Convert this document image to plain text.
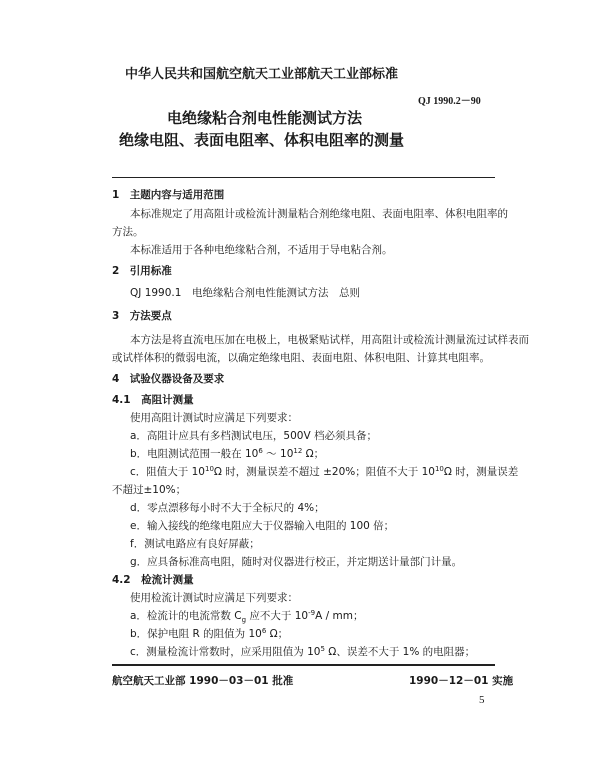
中华人民共和国航空航天工业部航天工业部标准
QJ 1990.2－90
电绝缘粘合剂电性能测试方法
绝缘电阻、表面电阻率、体积电阻率的测量
1　主题内容与适用范围
本标准规定了用高阻计或检流计测量粘合剂绝缘电阻、表面电阻率、体积电阻率的
方法。
本标准适用于各种电绝缘粘合剂，不适用于导电粘合剂。
2　引用标准
QJ 1990.1　电绝缘粘合剂电性能测试方法　总则
3　方法要点
本方法是将直流电压加在电极上，电极紧贴试样，用高阻计或检流计测量流过试样表而
或试样体积的微弱电流，以确定绝缘电阻、表面电阻、体积电阻、计算其电阻率。
4　试验仪器设备及要求
4.1　高阻计测量
使用高阻计测试时应满足下列要求：
a．高阻计应具有多档测试电压，500V 档必须具备；
b．电阻测试范围一般在 $10^6$ ～ $10^{12}$ Ω；
c．阻值大于 $10^{10}\Omega$ 时，测量误差不超过 ±20%；阻值不大于 $10^{10}\Omega$ 时，测量误差
不超过±10%；
d．零点漂移每小时不大于全标尺的 4%；
e．输入接线的绝缘电阻应大于仪器输入电阻的 100 倍；
f．测试电路应有良好屏蔽；
g．应具备标准高电阻，随时对仪器进行校正，并定期送计量部门计量。
4.2　检流计测量
使用检流计测试时应满足下列要求：
a．检流计的电流常数 $C_g$ 应不大于 $10^{-9}A$ / mm；
b．保护电阻 R 的阻值为 $10^6$ Ω；
c．测量检流计常数时，应采用阻值为 $10^5$ Ω、误差不大于 1% 的电阻器；
航空航天工业部 1990－03－01 批准	1990－12－01 实施
5
